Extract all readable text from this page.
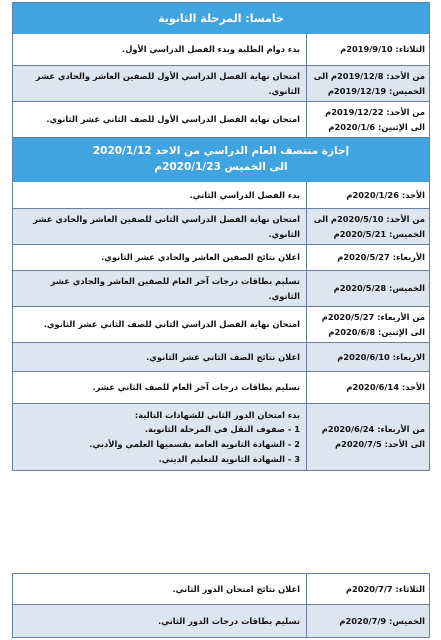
خامسا: المرحلة الثانوية
الثلاثاء: 2019/9/10م
بدء دوام الطلبة وبدء الفصل الدراسي الأول.
من الأحد: 2019/12/8م الى الخميس: 2019/12/19م
امتحان نهاية الفصل الدراسي الأول للصفين العاشر والحادي عشر الثانوي.
من الأحد: 2019/12/22م الى الإثنين: 2020/1/6م
امتحان نهاية الفصل الدراسي الأول للصف الثاني عشر الثانوي.
إجازة منتصف العام الدراسي من الاحد 2020/1/12
الى الخميس 2020/1/23م
الأحد: 2020/1/26م
بدء الفصل الدراسي الثاني.
من الأحد: 2020/5/10م الى الخميس: 2020/5/21م
امتحان نهاية الفصل الدراسي الثاني للصفين العاشر والحادي عشر الثانوي.
الأربعاء: 2020/5/27م
اعلان نتائج الصفين العاشر والحادي عشر الثانوي.
الخميس: 2020/5/28م
تسليم بطاقات درجات آخر العام للصفين العاشر والحادي عشر الثانوي.
من الأربعاء: 2020/5/27م الى الإثنين: 2020/6/8م
امتحان نهاية الفصل الدراسي الثاني للصف الثاني عشر الثانوي.
الاربعاء: 2020/6/10م
اعلان نتائج الصف الثاني عشر الثانوي.
الأحد: 2020/6/14م
تسليم بطاقات درجات آخر العام للصف الثاني عشر.
من الأربعاء: 2020/6/24م
الى الأحد: 2020/7/5م
بدء امتحان الدور الثاني للشهادات التالية:
1 - صفوف النقل في المرحلة الثانوية.
2 - الشهادة الثانوية العامة بقسميها العلمي والأدبي.
3 - الشهادة الثانوية للتعليم الديني.
الثلاثاء: 2020/7/7م
اعلان نتائج امتحان الدور الثاني.
الخميس: 2020/7/9م
تسليم بطاقات درجات الدور الثاني.
